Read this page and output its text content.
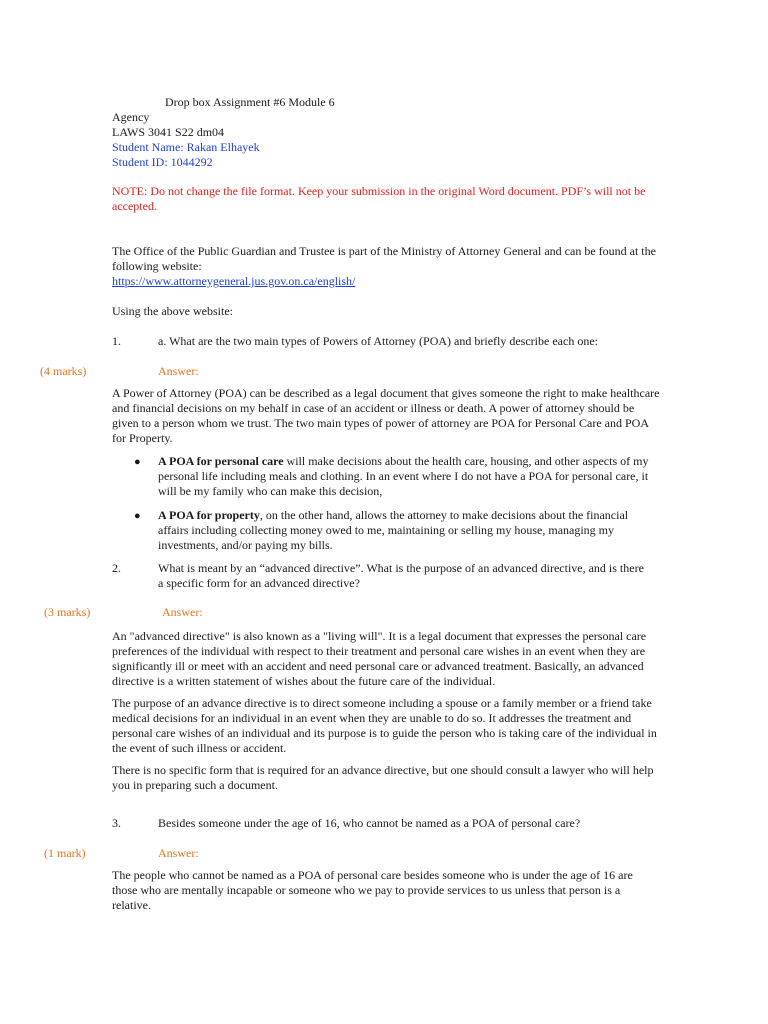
Drop box Assignment #6 Module 6
Agency
LAWS 3041 S22 dm04
Student Name: Rakan Elhayek
Student ID: 1044292
NOTE: Do not change the file format. Keep your submission in the original Word document. PDF’s will not be accepted.
The Office of the Public Guardian and Trustee is part of the Ministry of Attorney General and can be found at the following website:
https://www.attorneygeneral.jus.gov.on.ca/english/
Using the above website:
1.	a. What are the two main types of Powers of Attorney (POA) and briefly describe each one:
(4 marks)	Answer:
A Power of Attorney (POA) can be described as a legal document that gives someone the right to make healthcare and financial decisions on my behalf in case of an accident or illness or death. A power of attorney should be given to a person whom we trust. The two main types of power of attorney are POA for Personal Care and POA for Property.
● A POA for personal care will make decisions about the health care, housing, and other aspects of my personal life including meals and clothing. In an event where I do not have a POA for personal care, it will be my family who can make this decision,
● A POA for property, on the other hand, allows the attorney to make decisions about the financial affairs including collecting money owed to me, maintaining or selling my house, managing my investments, and/or paying my bills.
2.	What is meant by an “advanced directive”. What is the purpose of an advanced directive, and is there a specific form for an advanced directive?
(3 marks)	Answer:
An "advanced directive" is also known as a "living will". It is a legal document that expresses the personal care preferences of the individual with respect to their treatment and personal care wishes in an event when they are significantly ill or meet with an accident and need personal care or advanced treatment. Basically, an advanced directive is a written statement of wishes about the future care of the individual.
The purpose of an advance directive is to direct someone including a spouse or a family member or a friend take medical decisions for an individual in an event when they are unable to do so. It addresses the treatment and personal care wishes of an individual and its purpose is to guide the person who is taking care of the individual in the event of such illness or accident.
There is no specific form that is required for an advance directive, but one should consult a lawyer who will help you in preparing such a document.
3.	Besides someone under the age of 16, who cannot be named as a POA of personal care?
(1 mark)	Answer:
The people who cannot be named as a POA of personal care besides someone who is under the age of 16 are those who are mentally incapable or someone who we pay to provide services to us unless that person is a relative.
